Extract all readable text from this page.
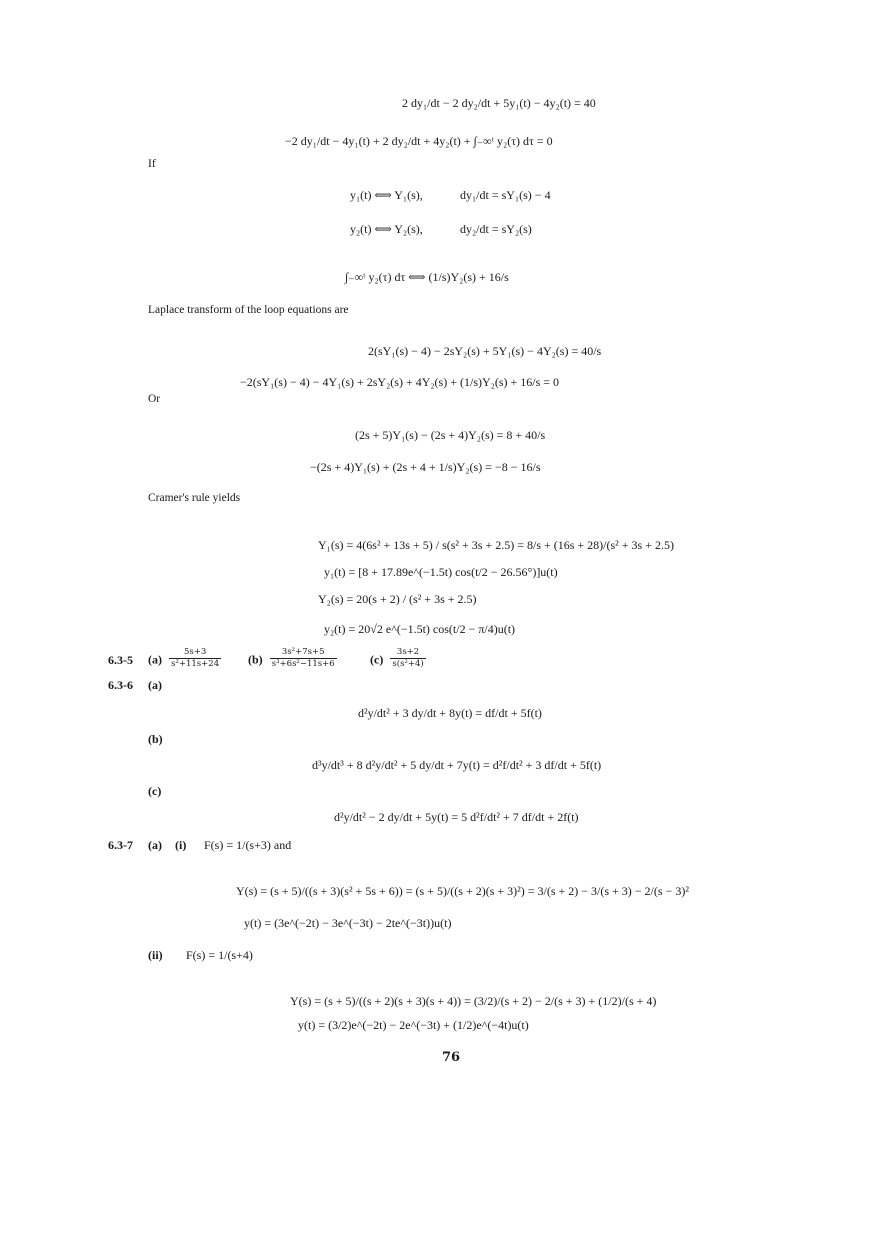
2 dy₁/dt − 2 dy₂/dt + 5y₁(t) − 4y₂(t) = 40
−2 dy₁/dt − 4y₁(t) + 2 dy₂/dt + 4y₂(t) + ∫₋∞ᵗ y₂(τ) dτ = 0
If
y₁(t) ⟺ Y₁(s),	dy₁/dt = sY₁(s) − 4
y₂(t) ⟺ Y₂(s),	dy₂/dt = sY₂(s)
∫₋∞ᵗ y₂(τ) dτ ⟺ (1/s)Y₂(s) + 16/s
Laplace transform of the loop equations are
2(sY₁(s) − 4) − 2sY₂(s) + 5Y₁(s) − 4Y₂(s) = 40/s
−2(sY₁(s) − 4) − 4Y₁(s) + 2sY₂(s) + 4Y₂(s) + (1/s)Y₂(s) + 16/s = 0
Or
(2s + 5)Y₁(s) − (2s + 4)Y₂(s) = 8 + 40/s
−(2s + 4)Y₁(s) + (2s + 4 + 1/s)Y₂(s) = −8 − 16/s
Cramer's rule yields
Y₁(s) = 4(6s² + 13s + 5) / s(s² + 3s + 2.5) = 8/s + (16s + 28)/(s² + 3s + 2.5)
y₁(t) = [8 + 17.89e^(−1.5t) cos(t/2 − 26.56°)]u(t)
Y₂(s) = 20(s + 2) / (s² + 3s + 2.5)
y₂(t) = 20√2 e^(−1.5t) cos(t/2 − π/4)u(t)
6.3-5 $(a) \frac{5s+3}{\text{s²+11s+24}} (b) \frac{\text{3s²+7s+5}}{\text{s³+6s²−11s+6}}$	$(c) \frac{3s+2}{\text{s(s²+4)}}$
6.3-6 (a)
d²y/dt² + 3 dy/dt + 8y(t) = df/dt + 5f(t)
(b)
d³y/dt³ + 8 d²y/dt² + 5 dy/dt + 7y(t) = d²f/dt² + 3 df/dt + 5f(t)
(c)
d²y/dt² − 2 dy/dt + 5y(t) = 5 d²f/dt² + 7 df/dt + 2f(t)
6.3-7 (a) (i) F(s) = 1/(s+3) and
Y(s) = (s + 5)/((s + 3)(s² + 5s + 6)) = (s + 5)/((s + 2)(s + 3)²) = 3/(s + 2) − 3/(s + 3) − 2/(s − 3)²
y(t) = (3e^(−2t) − 3e^(−3t) − 2te^(−3t))u(t)
(ii) F(s) = 1/(s+4)
Y(s) = (s + 5)/((s + 2)(s + 3)(s + 4)) = (3/2)/(s + 2) − 2/(s + 3) + (1/2)/(s + 4)
y(t) = (3/2)e^(−2t) − 2e^(−3t) + (1/2)e^(−4t)u(t)
76
